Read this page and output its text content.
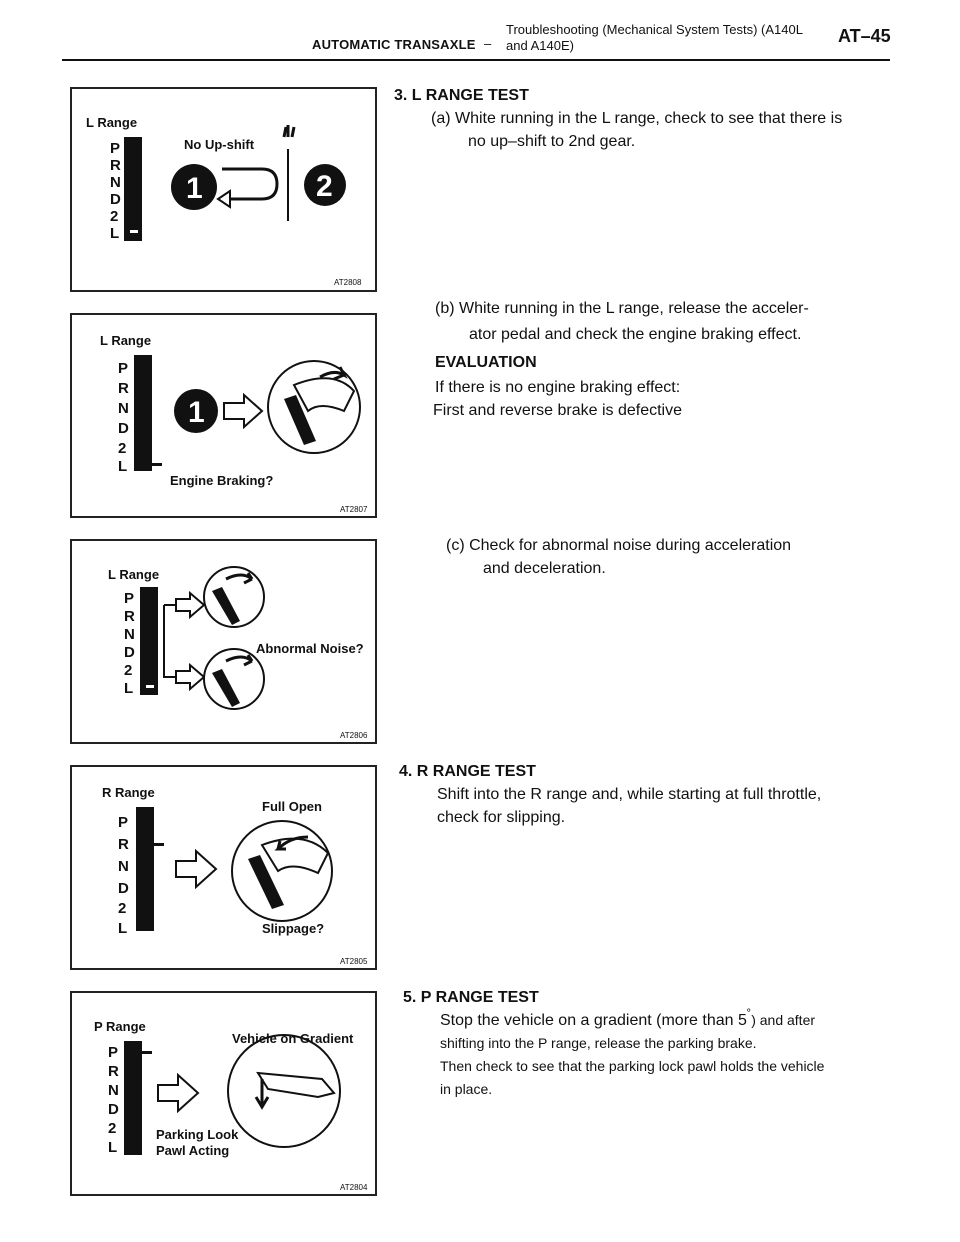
AUTOMATIC TRANSAXLE –
Troubleshooting (Mechanical System Tests) (A140L and A140E)	AT–45
L Range
P
R
N
D
2
L
No Up-shift
1	2
AT2808
L Range
P
R
N
D
2
L
1
Engine Braking?
AT2807
L Range
P
R
N
D
2
L
Abnormal Noise?
AT2806
R Range
P
R
N
D
2
L
Full Open
Slippage?
AT2805
P Range
P
R
N
D
2
L
Vehicle on Gradient
Parking Look
Pawl Acting
AT2804
3. L RANGE TEST
(a) White running in the L range, check to see that there is
no up–shift to 2nd gear.
(b) White running in the L range, release the acceler-
ator pedal and check the engine braking effect.
EVALUATION
If there is no engine braking effect:
First and reverse brake is defective
(c) Check for abnormal noise during acceleration
and deceleration.
4. R RANGE TEST
Shift into the R range and, while starting at full throttle,
check for slipping.
5. P RANGE TEST
Stop the vehicle on a gradient (more than 5˚) and after
shifting into the P range, release the parking brake.
Then check to see that the parking lock pawl holds the vehicle
in place.
